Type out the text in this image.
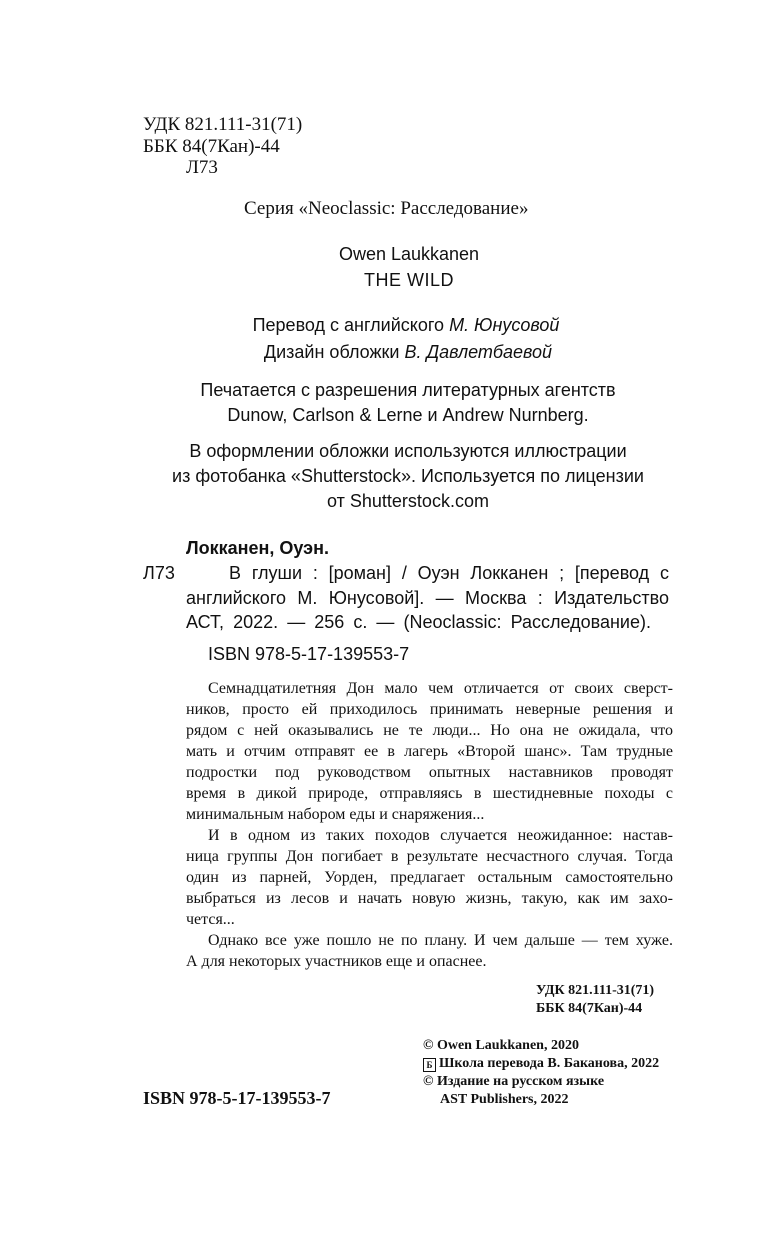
УДК 821.111-31(71)
ББК 84(7Кан)-44
Л73
Серия «Neoclassic: Расследование»
Owen Laukkanen
THE WILD
Перевод с английского М. Юнусовой
Дизайн обложки В. Давлетбаевой
Печатается с разрешения литературных агентств
Dunow, Carlson & Lerne и Andrew Nurnberg.
В оформлении обложки используются иллюстрации
из фотобанка «Shutterstock». Используется по лицензии
от Shutterstock.com
Локканен, Оуэн.
Л73	В глуши : [роман] / Оуэн Локканен ; [перевод с
английского М. Юнусовой]. — Москва : Издательство
АСТ, 2022. — 256 с. — (Neoclassic: Расследование).
ISBN 978-5-17-139553-7
Семнадцатилетняя Дон мало чем отличается от своих сверст-
ников, просто ей приходилось принимать неверные решения и
рядом с ней оказывались не те люди... Но она не ожидала, что
мать и отчим отправят ее в лагерь «Второй шанс». Там трудные
подростки под руководством опытных наставников проводят
время в дикой природе, отправляясь в шестидневные походы с
минимальным набором еды и снаряжения...
И в одном из таких походов случается неожиданное: настав-
ница группы Дон погибает в результате несчастного случая. Тогда
один из парней, Уорден, предлагает остальным самостоятельно
выбраться из лесов и начать новую жизнь, такую, как им захо-
чется...
Однако все уже пошло не по плану. И чем дальше — тем хуже.
А для некоторых участников еще и опаснее.
УДК 821.111-31(71)
ББК 84(7Кан)-44
ISBN 978-5-17-139553-7
© Owen Laukkanen, 2020
Б Школа перевода В. Баканова, 2022
© Издание на русском языке
AST Publishers, 2022
